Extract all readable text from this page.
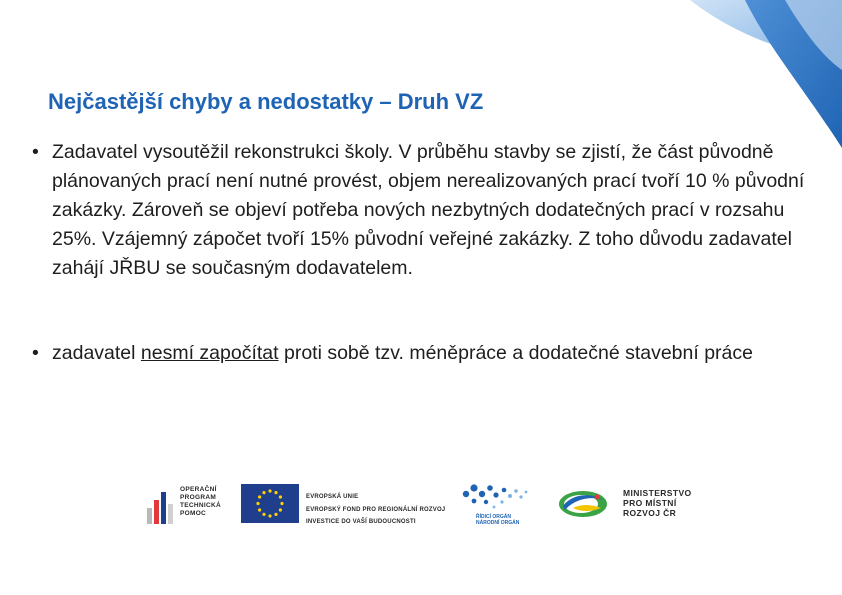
Nejčastější chyby a nedostatky – Druh VZ
• Zadavatel vysoutěžil rekonstrukci školy. V průběhu stavby se zjistí, že část původně plánovaných prací není nutné provést, objem nerealizovaných prací tvoří 10 % původní zakázky. Zároveň se objeví potřeba nových nezbytných dodatečných prací v rozsahu 25%. Vzájemný zápočet tvoří 15% původní veřejné zakázky. Z toho důvodu zadavatel zahájí JŘBU se současným dodavatelem.
• zadavatel nesmí započítat proti sobě tzv. méněpráce a dodatečné stavební práce
OPERAČNÍ
PROGRAM
TECHNICKÁ
POMOC
EVROPSKÁ UNIE
EVROPSKÝ FOND PRO REGIONÁLNÍ ROZVOJ
INVESTICE DO VAŠÍ BUDOUCNOSTI
ŘÍDICÍ ORGÁN
NÁRODNÍ ORGÁN
MINISTERSTVO
PRO MÍSTNÍ
ROZVOJ ČR
